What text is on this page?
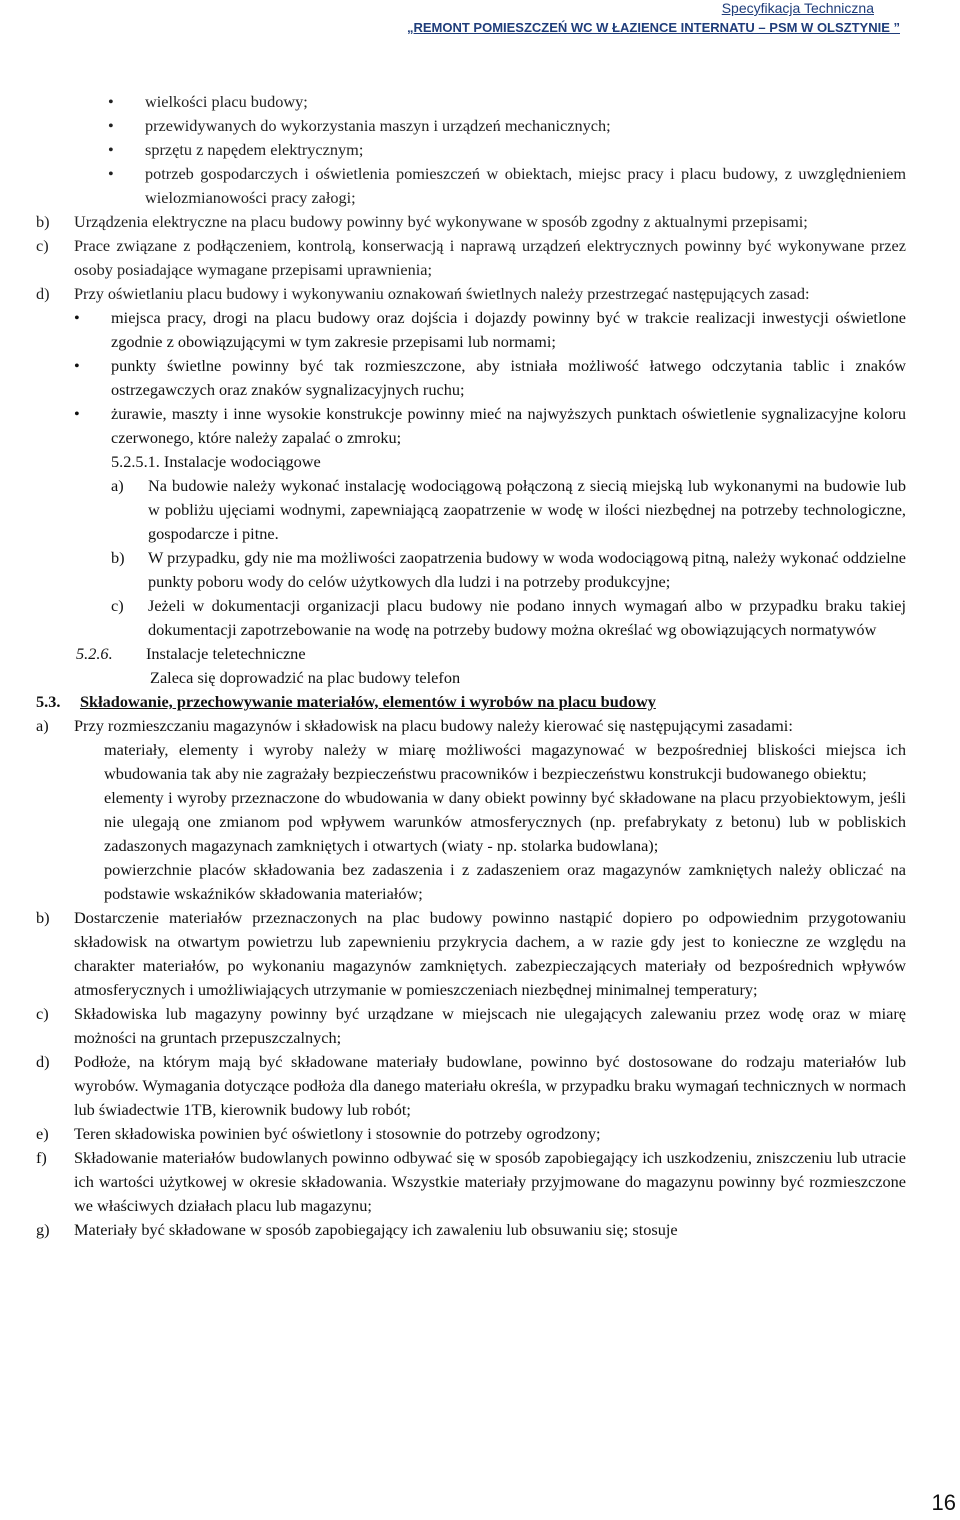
Specyfikacja Techniczna
„REMONT POMIESZCZEŃ WC W ŁAZIENCE INTERNATU – PSM W OLSZTYNIE ”
•	wielkości placu budowy;
•	przewidywanych do wykorzystania maszyn i urządzeń mechanicznych;
•	sprzętu z napędem elektrycznym;
•	potrzeb gospodarczych i oświetlenia pomieszczeń w obiektach, miejsc pracy i placu budowy, z uwzględnieniem wielozmianowości pracy załogi;
b)	Urządzenia elektryczne na placu budowy powinny być wykonywane w sposób zgodny z aktualnymi przepisami;
c)	Prace związane z podłączeniem, kontrolą, konserwacją i naprawą urządzeń elektrycznych powinny być wykonywane przez osoby posiadające wymagane przepisami uprawnienia;
d)	Przy oświetlaniu placu budowy i wykonywaniu oznakowań świetlnych należy przestrzegać następujących zasad:
•	miejsca pracy, drogi na placu budowy oraz dojścia i dojazdy powinny być w trakcie realizacji inwestycji oświetlone zgodnie z obowiązującymi w tym zakresie przepisami lub normami;
•	punkty świetlne powinny być tak rozmieszczone, aby istniała możliwość łatwego odczytania tablic i znaków ostrzegawczych oraz znaków sygnalizacyjnych ruchu;
•	żurawie, maszty i inne wysokie konstrukcje powinny mieć na najwyższych punktach oświetlenie sygnalizacyjne koloru czerwonego, które należy zapalać o zmroku;
5.2.5.1. Instalacje wodociągowe
a)	Na budowie należy wykonać instalację wodociągową połączoną z siecią miejską lub wykonanymi na budowie lub w pobliżu ujęciami wodnymi, zapewniającą zaopatrzenie w wodę w ilości niezbędnej na potrzeby technologiczne, gospodarcze i pitne.
b)	W przypadku, gdy nie ma możliwości zaopatrzenia budowy w woda wodociągową pitną, należy wykonać oddzielne punkty poboru wody do celów użytkowych dla ludzi i na potrzeby produkcyjne;
c)	Jeżeli w dokumentacji organizacji placu budowy nie podano innych wymagań albo w przypadku braku takiej dokumentacji zapotrzebowanie na wodę na potrzeby budowy można określać wg obowiązujących normatywów
5.2.6.	Instalacje teletechniczne
Zaleca się doprowadzić na plac budowy telefon
5.3.	Składowanie, przechowywanie materiałów, elementów i wyrobów na placu budowy
a)	Przy rozmieszczaniu magazynów i składowisk na placu budowy należy kierować się następującymi zasadami:
materiały, elementy i wyroby należy w miarę możliwości magazynować w bezpośredniej bliskości miejsca ich wbudowania tak aby nie zagrażały bezpieczeństwu pracowników i bezpieczeństwu konstrukcji budowanego obiektu;
elementy i wyroby przeznaczone do wbudowania w dany obiekt powinny być składowane na placu przyobiektowym, jeśli nie ulegają one zmianom pod wpływem warunków atmosferycznych (np. prefabrykaty z betonu) lub w pobliskich zadaszonych magazynach zamkniętych i otwartych (wiaty - np. stolarka budowlana);
powierzchnie placów składowania bez zadaszenia i z zadaszeniem oraz magazynów zamkniętych należy obliczać na podstawie wskaźników składowania materiałów;
b)	Dostarczenie materiałów przeznaczonych na plac budowy powinno nastąpić dopiero po odpowiednim przygotowaniu składowisk na otwartym powietrzu lub zapewnieniu przykrycia dachem, a w razie gdy jest to konieczne ze względu na charakter materiałów, po wykonaniu magazynów zamkniętych. zabezpieczających materiały od bezpośrednich wpływów atmosferycznych i umożliwiających utrzymanie w pomieszczeniach niezbędnej minimalnej temperatury;
c)	Składowiska lub magazyny powinny być urządzane w miejscach nie ulegających zalewaniu przez wodę oraz w miarę możności na gruntach przepuszczalnych;
d)	Podłoże, na którym mają być składowane materiały budowlane, powinno być dostosowane do rodzaju materiałów lub wyrobów. Wymagania dotyczące podłoża dla danego materiału określa, w przypadku braku wymagań technicznych w normach lub świadectwie 1TB, kierownik budowy lub robót;
e)	Teren składowiska powinien być oświetlony i stosownie do potrzeby ogrodzony;
f)	Składowanie materiałów budowlanych powinno odbywać się w sposób zapobiegający ich uszkodzeniu, zniszczeniu lub utracie ich wartości użytkowej w okresie składowania. Wszystkie materiały przyjmowane do magazynu powinny być rozmieszczone we właściwych działach placu lub magazynu;
g)	Materiały być składowane w sposób zapobiegający ich zawaleniu lub obsuwaniu się; stosuje
16
